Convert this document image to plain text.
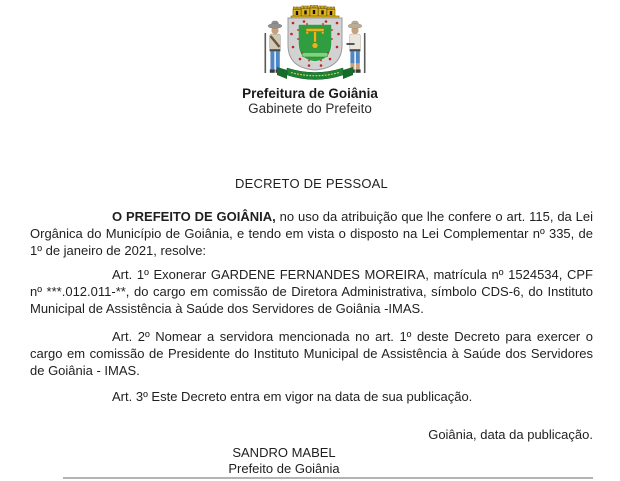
Prefeitura de Goiânia
Gabinete do Prefeito
DECRETO DE PESSOAL

O PREFEITO DE GOIÂNIA, no uso da atribuição que lhe confere o art. 115, da Lei Orgânica do Município de Goiânia, e tendo em vista o disposto na Lei Complementar nº 335, de 1º de janeiro de 2021, resolve:

Art. 1º Exonerar GARDENE FERNANDES MOREIRA, matrícula nº 1524534, CPF nº ***.012.011-**, do cargo em comissão de Diretora Administrativa, símbolo CDS-6, do Instituto Municipal de Assistência à Saúde dos Servidores de Goiânia -IMAS.

Art. 2º Nomear a servidora mencionada no art. 1º deste Decreto para exercer o cargo em comissão de Presidente do Instituto Municipal de Assistência à Saúde dos Servidores de Goiânia - IMAS.

Art. 3º Este Decreto entra em vigor na data de sua publicação.

Goiânia, data da publicação.
SANDRO MABEL
Prefeito de Goiânia
